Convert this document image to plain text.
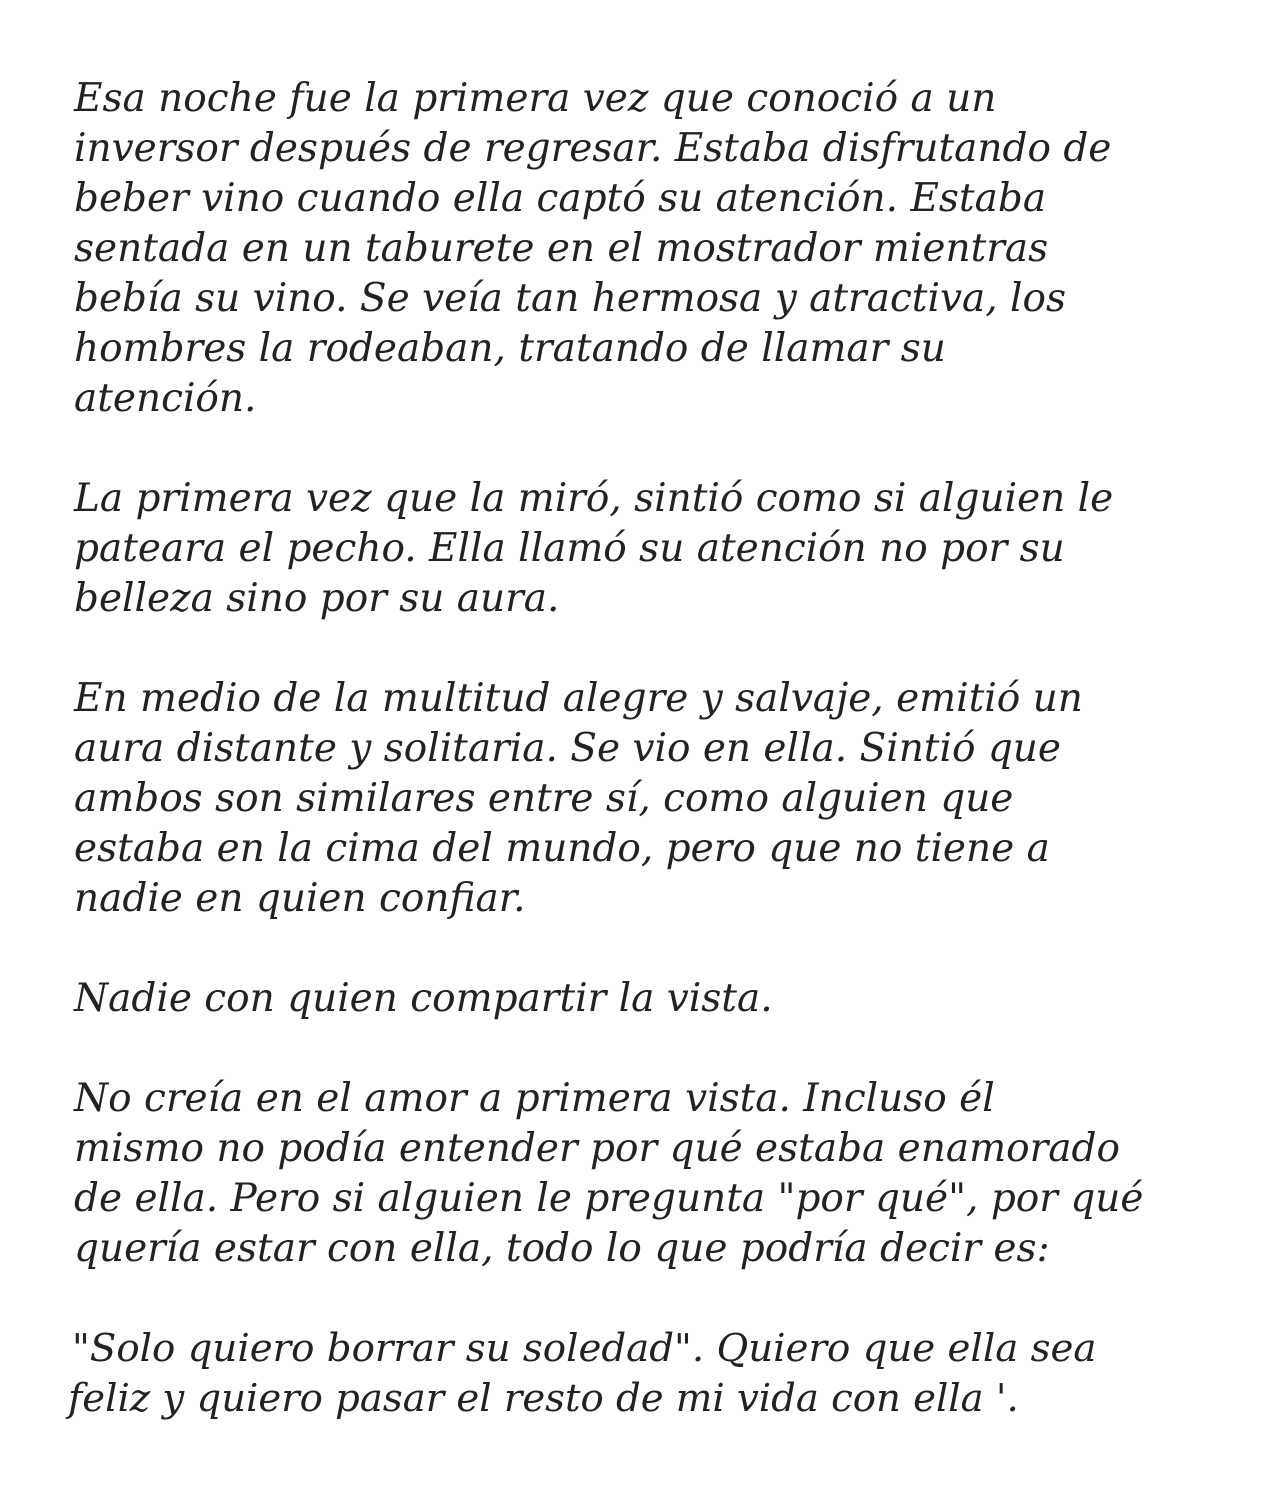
Esa noche fue la primera vez que conoció a un
inversor después de regresar. Estaba disfrutando de
beber vino cuando ella captó su atención. Estaba
sentada en un taburete en el mostrador mientras
bebía su vino. Se veía tan hermosa y atractiva, los
hombres la rodeaban, tratando de llamar su
atención.
La primera vez que la miró, sintió como si alguien le
pateara el pecho. Ella llamó su atención no por su
belleza sino por su aura.
En medio de la multitud alegre y salvaje, emitió un
aura distante y solitaria. Se vio en ella. Sintió que
ambos son similares entre sí, como alguien que
estaba en la cima del mundo, pero que no tiene a
nadie en quien confiar.
Nadie con quien compartir la vista.
No creía en el amor a primera vista. Incluso él
mismo no podía entender por qué estaba enamorado
de ella. Pero si alguien le pregunta "por qué", por qué
quería estar con ella, todo lo que podría decir es:
"Solo quiero borrar su soledad". Quiero que ella sea
feliz y quiero pasar el resto de mi vida con ella '.
